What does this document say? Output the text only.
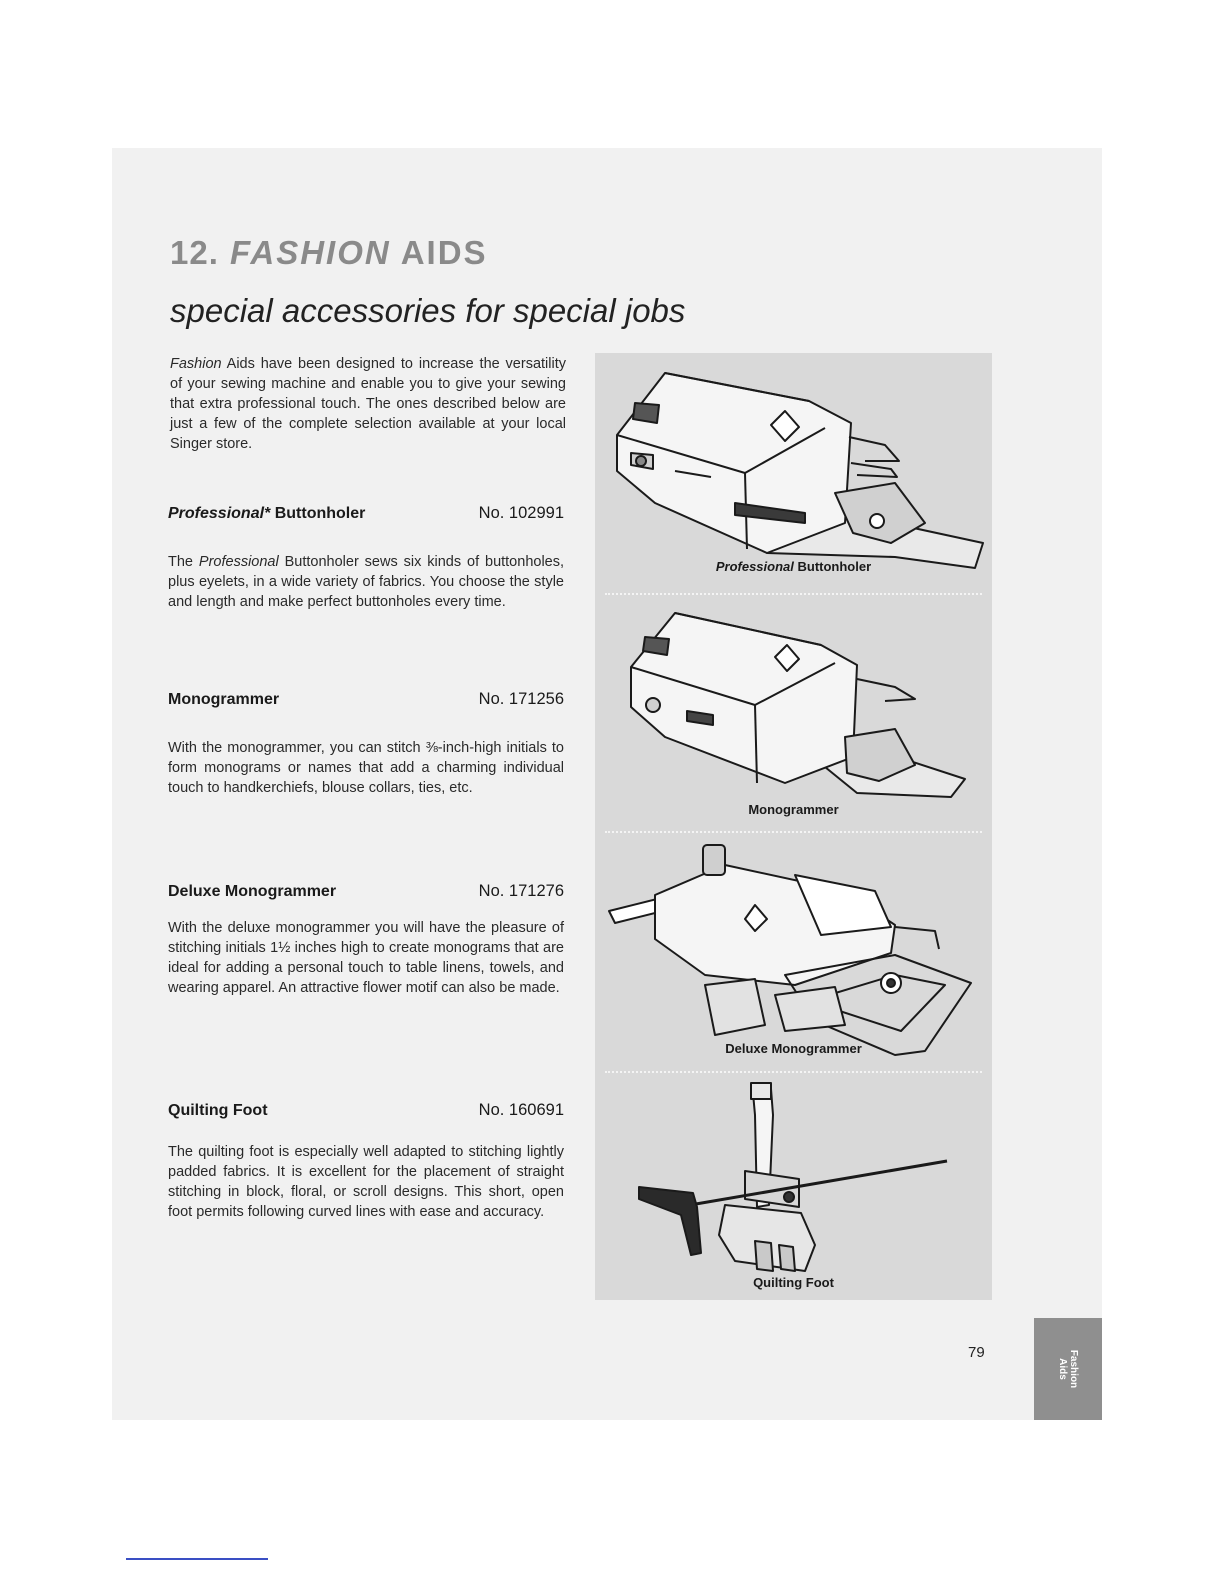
12. FASHION AIDS
special accessories for special jobs

Fashion Aids have been designed to increase the versatility of your sewing machine and enable you to give your sewing that extra professional touch. The ones described below are just a few of the complete selection available at your local Singer store.

Professional* Buttonholer	No. 102991

The Professional Buttonholer sews six kinds of buttonholes, plus eyelets, in a wide variety of fabrics. You choose the style and length and make perfect buttonholes every time.

Monogrammer	No. 171256

With the monogrammer, you can stitch ⅜-inch-high initials to form monograms or names that add a charming individual touch to handkerchiefs, blouse collars, ties, etc.

Deluxe Monogrammer	No. 171276

With the deluxe monogrammer you will have the pleasure of stitching initials 1½ inches high to create monograms that are ideal for adding a personal touch to table linens, towels, and wearing apparel. An attractive flower motif can also be made.

Quilting Foot	No. 160691

The quilting foot is especially well adapted to stitching lightly padded fabrics. It is excellent for the placement of straight stitching in block, floral, or scroll designs. This short, open foot permits following curved lines with ease and accuracy.

Professional Buttonholer
Monogrammer
Deluxe Monogrammer
Quilting Foot
79	Fashion
Aids
